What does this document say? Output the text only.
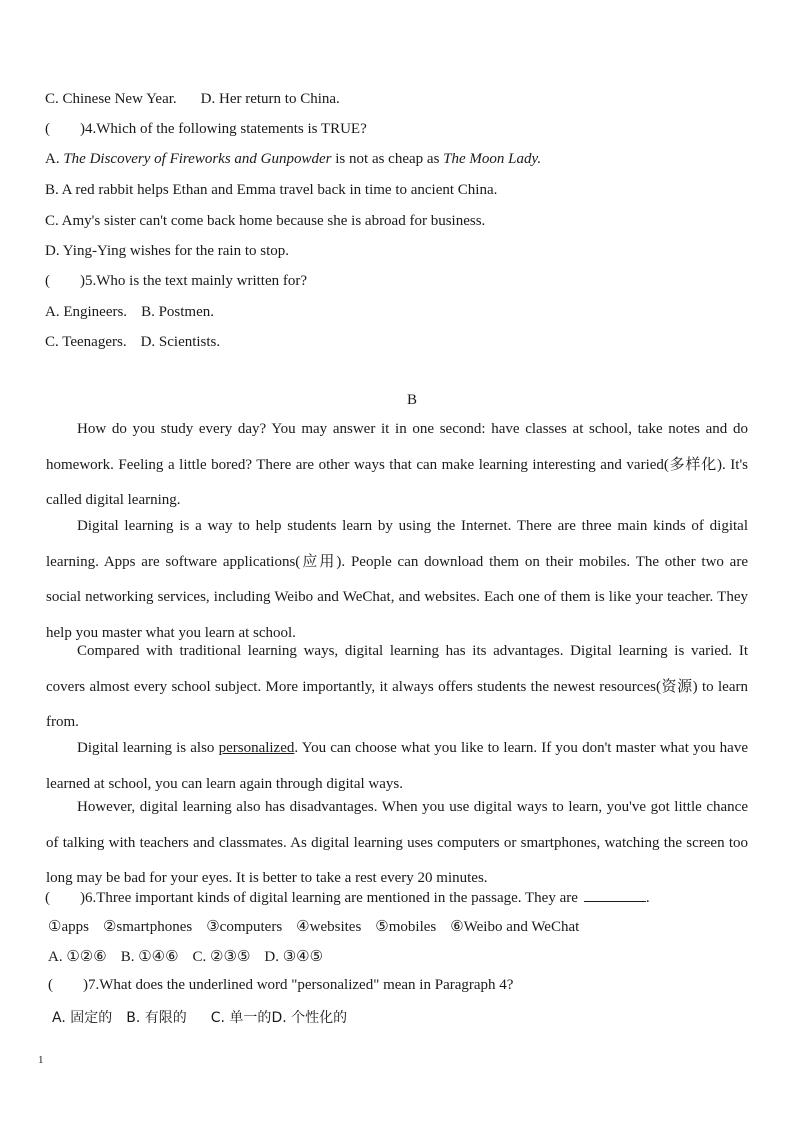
C. Chinese New Year. D. Her return to China.
( )4.Which of the following statements is TRUE?
A. The Discovery of Fireworks and Gunpowder is not as cheap as The Moon Lady.
B. A red rabbit helps Ethan and Emma travel back in time to ancient China.
C. Amy's sister can't come back home because she is abroad for business.
D. Ying-Ying wishes for the rain to stop.
( )5.Who is the text mainly written for?
A. Engineers. B. Postmen.
C. Teenagers. D. Scientists.
B
How do you study every day? You may answer it in one second: have classes at school, take notes and do homework. Feeling a little bored? There are other ways that can make learning interesting and varied(多样化). It's called digital learning.
Digital learning is a way to help students learn by using the Internet. There are three main kinds of digital learning. Apps are software applications(应用). People can download them on their mobiles. The other two are social networking services, including Weibo and WeChat, and websites. Each one of them is like your teacher. They help you master what you learn at school.
Compared with traditional learning ways, digital learning has its advantages. Digital learning is varied. It covers almost every school subject. More importantly, it always offers students the newest resources(资源) to learn from.
Digital learning is also personalized. You can choose what you like to learn. If you don't master what you have learned at school, you can learn again through digital ways.
However, digital learning also has disadvantages. When you use digital ways to learn, you've got little chance of talking with teachers and classmates. As digital learning uses computers or smartphones, watching the screen too long may be bad for your eyes. It is better to take a rest every 20 minutes.
( )6.Three important kinds of digital learning are mentioned in the passage. They are	.
①apps ②smartphones ③computers ④websites ⑤mobiles ⑥Weibo and WeChat
A. ①②⑥ B. ①④⑥ C. ②③⑤ D. ③④⑤
( )7.What does the underlined word "personalized" mean in Paragraph 4?
A. 固定的 B. 有限的 C. 单一的D. 个性化的
1
